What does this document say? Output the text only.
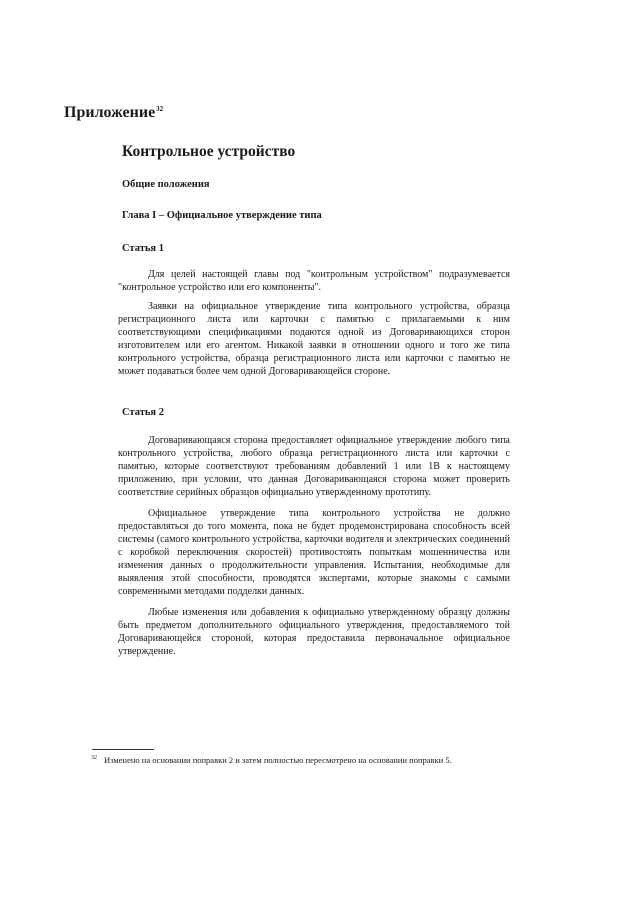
Приложение$^{32}$
Контрольное устройство
Общие положения
Глава I – Официальное утверждение типа
Статья 1

Для целей настоящей главы под "контрольным устройством" подразумевается "контрольное устройство или его компоненты".

Заявки на официальное утверждение типа контрольного устройства, образца регистрационного листа или карточки с памятью с прилагаемыми к ним соответствующими спецификациями подаются одной из Договаривающихся сторон изготовителем или его агентом. Никакой заявки в отношении одного и того же типа контрольного устройства, образца регистрационного листа или карточки с памятью не может подаваться более чем одной Договаривающейся стороне.

Статья 2

Договаривающаяся сторона предоставляет официальное утверждение любого типа контрольного устройства, любого образца регистрационного листа или карточки с памятью, которые соответствуют требованиям добавлений 1 или 1В к настоящему приложению, при условии, что данная Договаривающаяся сторона может проверить соответствие серийных образцов официально утвержденному прототипу.

Официальное утверждение типа контрольного устройства не должно предоставляться до того момента, пока не будет продемонстрирована способность всей системы (самого контрольного устройства, карточки водителя и электрических соединений с коробкой переключения скоростей) противостоять попыткам мошенничества или изменения данных о продолжительности управления. Испытания, необходимые для выявления этой способности, проводятся экспертами, которые знакомы с самыми современными методами подделки данных.

Любые изменения или добавления к официально утвержденному образцу должны быть предметом дополнительного официального утверждения, предоставляемого той Договаривающейся стороной, которая предоставила первоначальное официальное утверждение.

32 Изменено на основании поправки 2 и затем полностью пересмотрено на основании поправки 5.
